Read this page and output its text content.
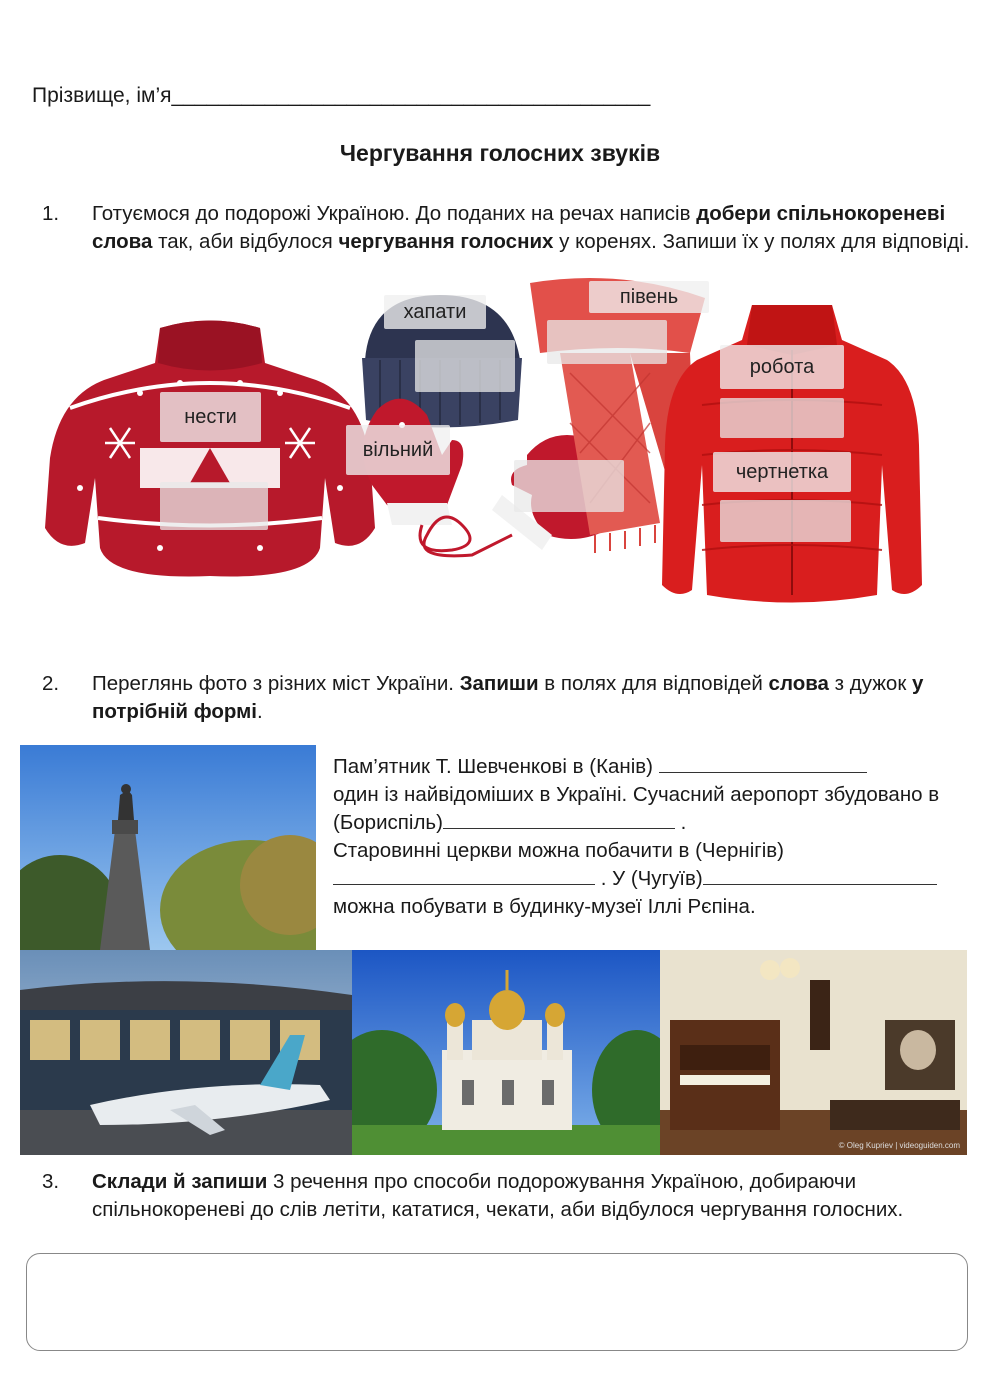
Прізвище, ім’я_________________________________________
Чергування голосних звуків
1.	Готуємося до подорожі Україною. До поданих на речах написів добери спільнокореневі слова так, аби відбулося чергування голосних у коренях. Запиши їх у полях для відповіді.
нести
хапати
вільний
півень
робота
чертнетка
2.	Переглянь фото з різних міст України. Запиши в полях для відповідей слова з дужок у потрібній формі.
Пам’ятник Т. Шевченкові в (Канів)
один із найвідоміших в Україні. Сучасний аеропорт збудовано в (Бориспіль)	.
Старовинні церкви можна побачити в (Чернігів)
. У (Чугуїв)
можна побувати в будинку-музеї Іллі Рєпіна.
© Oleg Kupriev | videoguiden.com
3.	Склади й запиши 3 речення про способи подорожування Україною, добираючи спільнокореневі до слів летіти, кататися, чекати, аби відбулося чергування голосних.
